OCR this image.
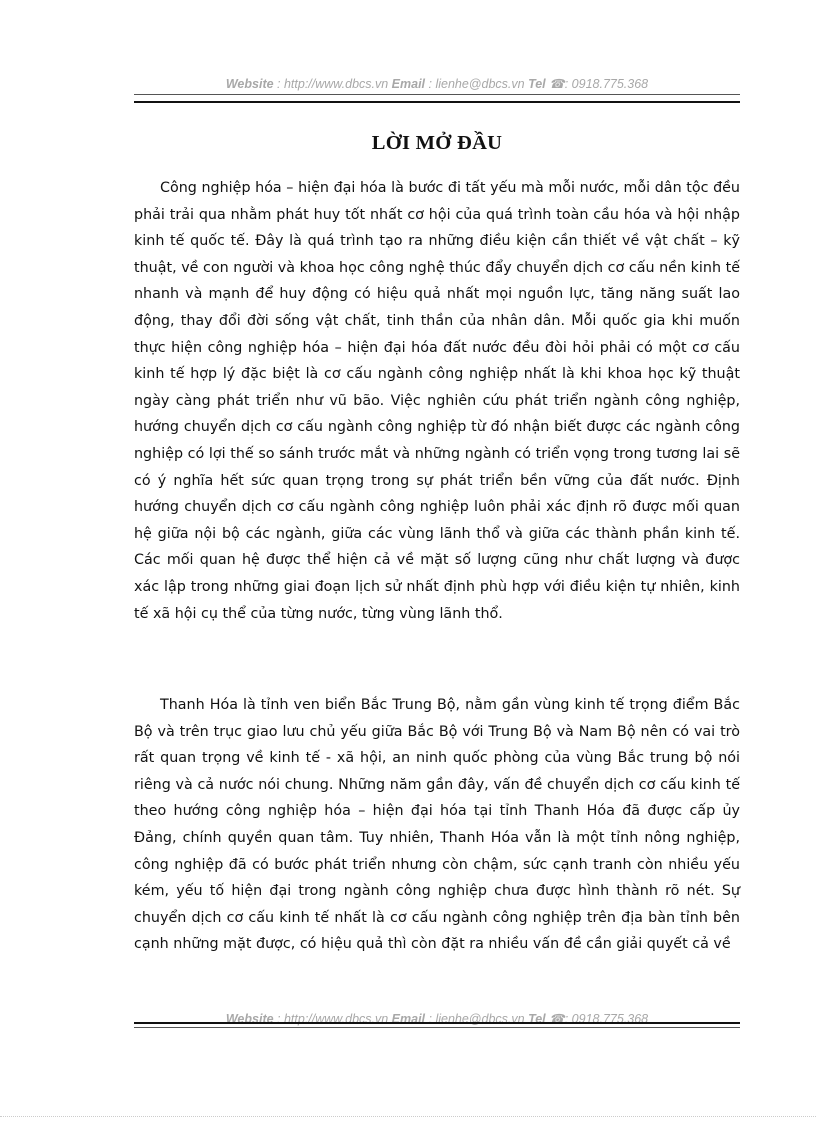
Website : http://www.dbcs.vn Email : lienhe@dbcs.vn Tel ☎: 0918.775.368
LỜI MỞ ĐẦU

Công nghiệp hóa – hiện đại hóa là bước đi tất yếu mà mỗi nước, mỗi dân tộc đều phải trải qua nhằm phát huy tốt nhất cơ hội của quá trình toàn cầu hóa và hội nhập kinh tế quốc tế. Đây là quá trình tạo ra những điều kiện cần thiết về vật chất – kỹ thuật, về con người và khoa học công nghệ thúc đẩy chuyển dịch cơ cấu nền kinh tế nhanh và mạnh để huy động có hiệu quả nhất mọi nguồn lực, tăng năng suất lao động, thay đổi đời sống vật chất, tinh thần của nhân dân. Mỗi quốc gia khi muốn thực hiện công nghiệp hóa – hiện đại hóa đất nước đều đòi hỏi phải có một cơ cấu kinh tế hợp lý đặc biệt là cơ cấu ngành công nghiệp nhất là khi khoa học kỹ thuật ngày càng phát triển như vũ bão. Việc nghiên cứu phát triển ngành công nghiệp, hướng chuyển dịch cơ cấu ngành công nghiệp từ đó nhận biết được các ngành công nghiệp có lợi thế so sánh trước mắt và những ngành có triển vọng trong tương lai sẽ có ý nghĩa hết sức quan trọng trong sự phát triển bền vững của đất nước. Định hướng chuyển dịch cơ cấu ngành công nghiệp luôn phải xác định rõ được mối quan hệ giữa nội bộ các ngành, giữa các vùng lãnh thổ và giữa các thành phần kinh tế. Các mối quan hệ được thể hiện cả về mặt số lượng cũng như chất lượng và được xác lập trong những giai đoạn lịch sử nhất định phù hợp với điều kiện tự nhiên, kinh tế xã hội cụ thể của từng nước, từng vùng lãnh thổ.

Thanh Hóa là tỉnh ven biển Bắc Trung Bộ, nằm gần vùng kinh tế trọng điểm Bắc Bộ và trên trục giao lưu chủ yếu giữa Bắc Bộ với Trung Bộ và Nam Bộ nên có vai trò rất quan trọng về kinh tế - xã hội, an ninh quốc phòng của vùng Bắc trung bộ nói riêng và cả nước nói chung. Những năm gần đây, vấn đề chuyển dịch cơ cấu kinh tế theo hướng công nghiệp hóa – hiện đại hóa tại tỉnh Thanh Hóa đã được cấp ủy Đảng, chính quyền quan tâm. Tuy nhiên, Thanh Hóa vẫn là một tỉnh nông nghiệp, công nghiệp đã có bước phát triển nhưng còn chậm, sức cạnh tranh còn nhiều yếu kém, yếu tố hiện đại trong ngành công nghiệp chưa được hình thành rõ nét. Sự chuyển dịch cơ cấu kinh tế nhất là cơ cấu ngành công nghiệp trên địa bàn tỉnh bên cạnh những mặt được, có hiệu quả thì còn đặt ra nhiều vấn đề cần giải quyết cả về

Website : http://www.dbcs.vn Email : lienhe@dbcs.vn Tel ☎: 0918.775.368
